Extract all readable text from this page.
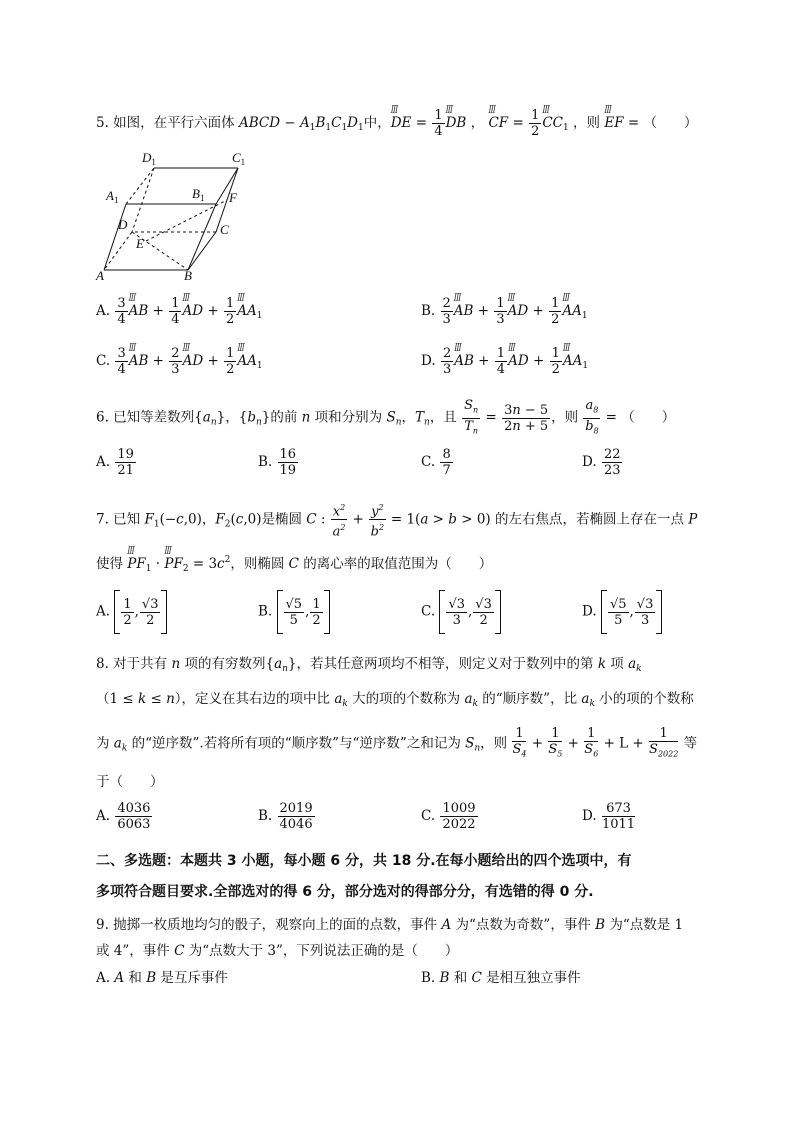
5. 如图，在平行六面体 ABCD − $A_1B_1C_1D_1$中，ꟾꟾꟾ DE = $\frac{1}{4}$ ꟾꟾꟾ DB ， ꟾꟾꟾ CF = $\frac{1}{2}$ ꟾꟾꟾ $CC_1$ ，则 ꟾꟾꟾ EF = （　　）
$D_1$	$C_1$
$A_1$	$B_1$ F
D	C
E
A	B
A. $\frac{3}{4}$ ꟾꟾꟾ AB + $\frac{1}{4}$ ꟾꟾꟾ AD + $\frac{1}{2}$ ꟾꟾꟾ $AA_1$	B. $\frac{2}{3}$ ꟾꟾꟾ AB + $\frac{1}{3}$ ꟾꟾꟾ AD + $\frac{1}{2}$ ꟾꟾꟾ $AA_1$
C. $\frac{3}{4}$ ꟾꟾꟾ AB + $\frac{2}{3}$ ꟾꟾꟾ AD + $\frac{1}{2}$ ꟾꟾꟾ $AA_1$	D. $\frac{2}{3}$ ꟾꟾꟾ AB + $\frac{1}{4}$ ꟾꟾꟾ AD + $\frac{1}{2}$ ꟾꟾꟾ $AA_1$
6. 已知等差数列$\{a_n\}$，$\{b_n\}$的前 n 项和分别为 $S_n$，$T_n$，且 $\frac{S_n}{T_n} = \frac{3n - 5}{2n + 5}$ ，则 $\frac{a_8}{b_8}$ = （　　）
A. $\frac{19}{21}$	B. $\frac{16}{19}$	C. $\frac{8}{7}$	D. $\frac{22}{23}$
7. 已知 $F_1(-c,0)$，$F_2(c,0)$是椭圆 C : $\frac{x^2}{a^2} + \frac{y^2}{b^2} = 1(a > b > 0)$ 的左右焦点，若椭圆上存在一点 P
使得 ꟾꟾꟾ $PF_1$ · ꟾꟾꟾ $PF_2 = 3c^2$，则椭圆 C 的离心率的取值范围为（　　）
A. $\frac{1}{2}$ , $\frac{√3}{2}$	B. $\frac{√5}{5}$ , $\frac{1}{2}$	C. $\frac{√3}{3}$ , $\frac{√3}{2}$	D. $\frac{√5}{5}$ , $\frac{√3}{3}$
8. 对于共有 n 项的有穷数列$\{a_n\}$，若其任意两项均不相等，则定义对于数列中的第 k 项 $a_k$
（1 ≤ k ≤ n），定义在其右边的项中比 $a_k$ 大的项的个数称为 $a_k$ 的“顺序数”，比 $a_k$ 小的项的个数称
为 $a_k$ 的“逆序数”.若将所有项的“顺序数”与“逆序数”之和记为 $S_n$，则 $\frac{1}{S_4} + \frac{1}{S_5} + \frac{1}{S_6} + L + \frac{1}{S_{2022}}$ 等
于（　　）
A. $\frac{4036}{6063}$	B. $\frac{2019}{4046}$	C. $\frac{1009}{2022}$	D. $\frac{673}{1011}$
二、多选题：本题共 3 小题，每小题 6 分，共 18 分.在每小题给出的四个选项中，有
多项符合题目要求.全部选对的得 6 分，部分选对的得部分分，有选错的得 0 分.
9. 抛掷一枚质地均匀的骰子，观察向上的面的点数，事件 A 为“点数为奇数”，事件 B 为“点数是 1
或 4”，事件 C 为“点数大于 3”，下列说法正确的是（　　）
A. A 和 B 是互斥事件	B. B 和 C 是相互独立事件
